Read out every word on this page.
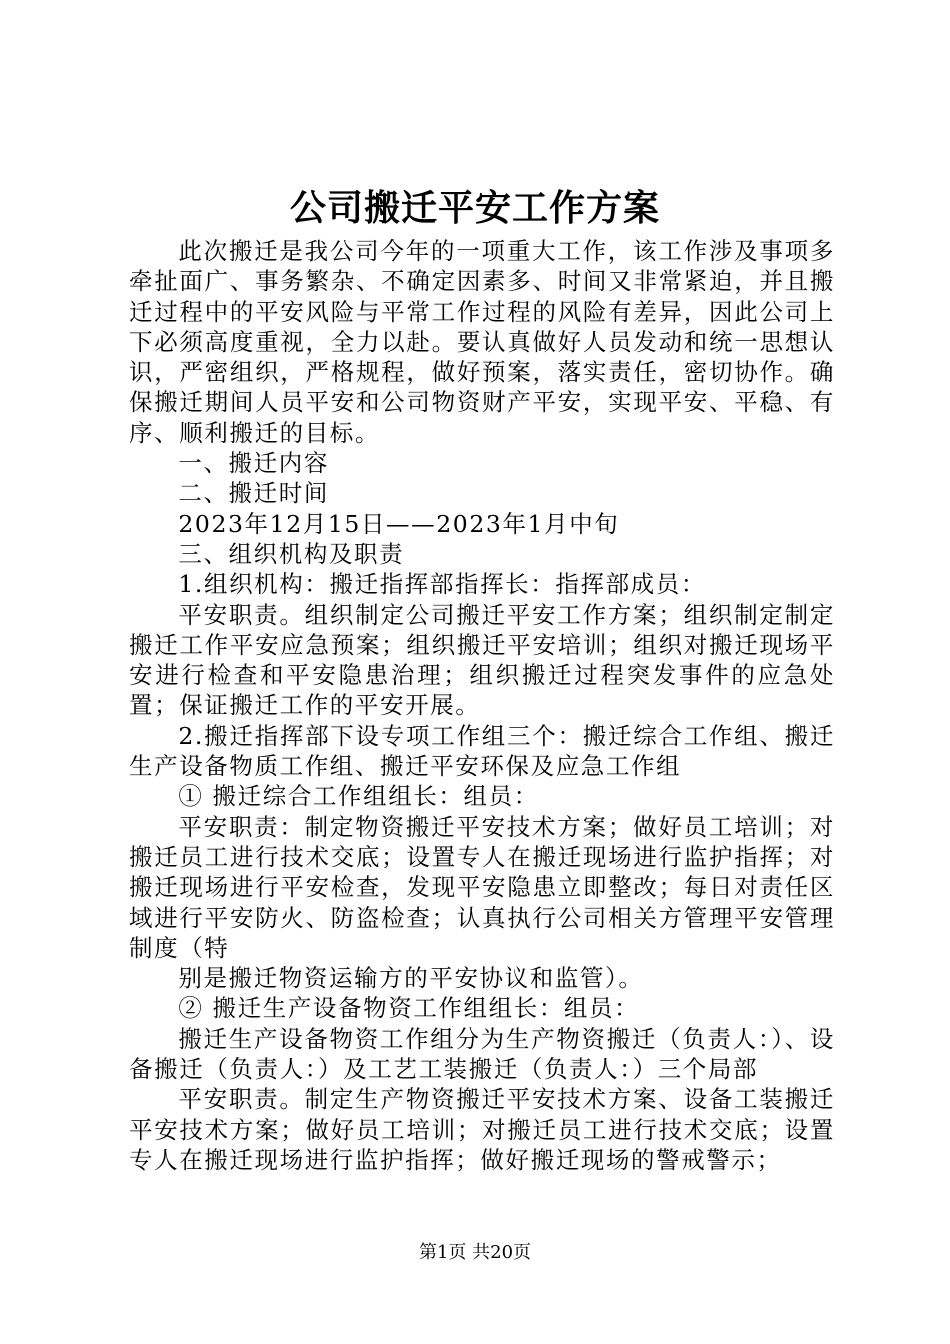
公司搬迁平安工作方案

此次搬迁是我公司今年的一项重大工作，该工作涉及事项多牵扯面广、事务繁杂、不确定因素多、时间又非常紧迫，并且搬迁过程中的平安风险与平常工作过程的风险有差异，因此公司上下必须高度重视，全力以赴。要认真做好人员发动和统一思想认识，严密组织，严格规程，做好预案，落实责任，密切协作。确保搬迁期间人员平安和公司物资财产平安，实现平安、平稳、有序、顺利搬迁的目标。

一、搬迁内容

二、搬迁时间

2023年12月15日——2023年1月中旬

三、组织机构及职责

1.组织机构：搬迁指挥部指挥长：指挥部成员：

平安职责。组织制定公司搬迁平安工作方案；组织制定制定搬迁工作平安应急预案；组织搬迁平安培训；组织对搬迁现场平安进行检查和平安隐患治理；组织搬迁过程突发事件的应急处置；保证搬迁工作的平安开展。

2.搬迁指挥部下设专项工作组三个：搬迁综合工作组、搬迁生产设备物质工作组、搬迁平安环保及应急工作组

① 搬迁综合工作组组长：组员：

平安职责：制定物资搬迁平安技术方案；做好员工培训；对搬迁员工进行技术交底；设置专人在搬迁现场进行监护指挥；对搬迁现场进行平安检查，发现平安隐患立即整改；每日对责任区域进行平安防火、防盗检查；认真执行公司相关方管理平安管理制度（特

别是搬迁物资运输方的平安协议和监管）。

② 搬迁生产设备物资工作组组长：组员：

搬迁生产设备物资工作组分为生产物资搬迁（负责人：）、设备搬迁（负责人：）及工艺工装搬迁（负责人：）三个局部

平安职责。制定生产物资搬迁平安技术方案、设备工装搬迁平安技术方案；做好员工培训；对搬迁员工进行技术交底；设置专人在搬迁现场进行监护指挥；做好搬迁现场的警戒警示；

第1页 共20页
